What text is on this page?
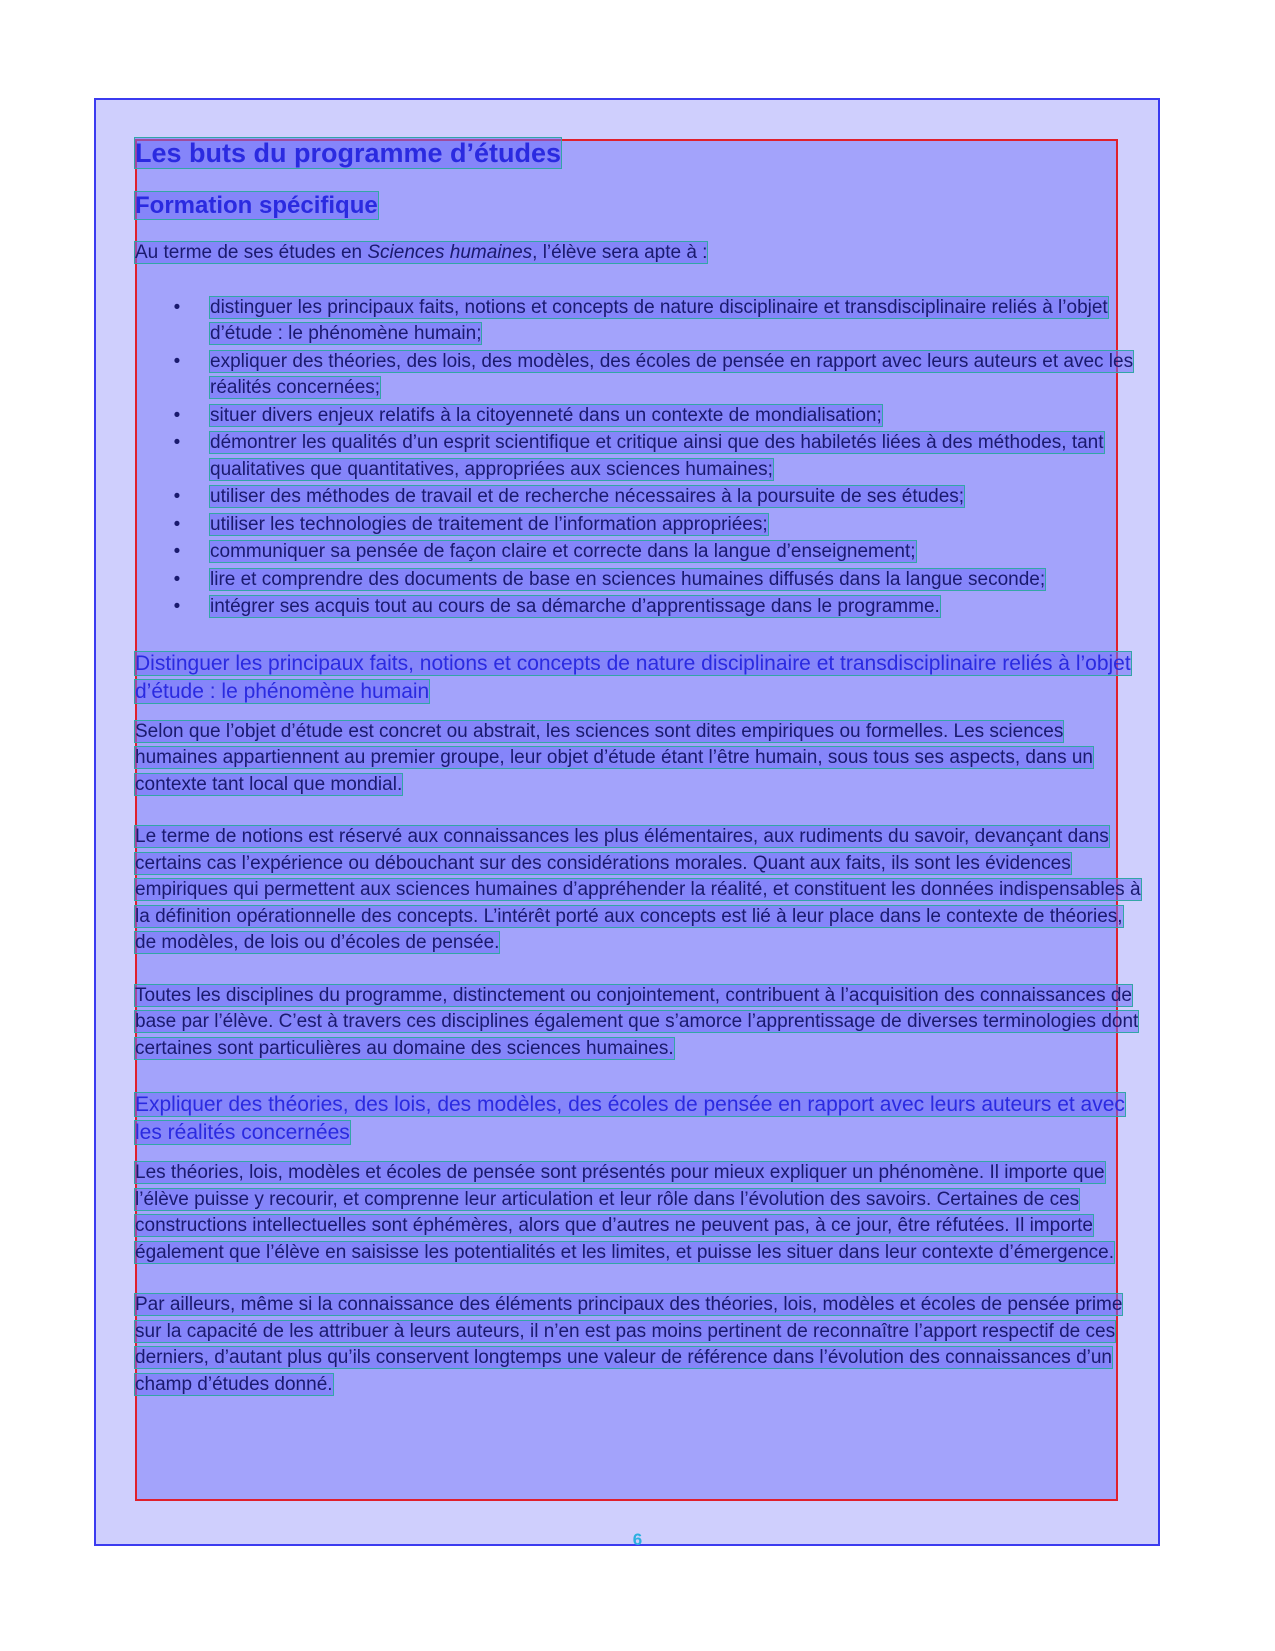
Les buts du programme d’études
Formation spécifique

Au terme de ses études en Sciences humaines, l’élève sera apte à :

• distinguer les principaux faits, notions et concepts de nature disciplinaire et transdisciplinaire reliés à l’objet d’étude : le phénomène humain;
• expliquer des théories, des lois, des modèles, des écoles de pensée en rapport avec leurs auteurs et avec les réalités concernées;
• situer divers enjeux relatifs à la citoyenneté dans un contexte de mondialisation;
• démontrer les qualités d’un esprit scientifique et critique ainsi que des habiletés liées à des méthodes, tant qualitatives que quantitatives, appropriées aux sciences humaines;
• utiliser des méthodes de travail et de recherche nécessaires à la poursuite de ses études;
• utiliser les technologies de traitement de l’information appropriées;
• communiquer sa pensée de façon claire et correcte dans la langue d’enseignement;
• lire et comprendre des documents de base en sciences humaines diffusés dans la langue seconde;
• intégrer ses acquis tout au cours de sa démarche d’apprentissage dans le programme.
Distinguer les principaux faits, notions et concepts de nature disciplinaire et transdisciplinaire reliés à l’objet d’étude : le phénomène humain

Selon que l’objet d’étude est concret ou abstrait, les sciences sont dites empiriques ou formelles. Les sciences humaines appartiennent au premier groupe, leur objet d’étude étant l’être humain, sous tous ses aspects, dans un contexte tant local que mondial.

Le terme de notions est réservé aux connaissances les plus élémentaires, aux rudiments du savoir, devançant dans certains cas l’expérience ou débouchant sur des considérations morales. Quant aux faits, ils sont les évidences empiriques qui permettent aux sciences humaines d’appréhender la réalité, et constituent les données indispensables à la définition opérationnelle des concepts. L’intérêt porté aux concepts est lié à leur place dans le contexte de théories, de modèles, de lois ou d’écoles de pensée.

Toutes les disciplines du programme, distinctement ou conjointement, contribuent à l’acquisition des connaissances de base par l’élève. C’est à travers ces disciplines également que s’amorce l’apprentissage de diverses terminologies dont certaines sont particulières au domaine des sciences humaines.

Expliquer des théories, des lois, des modèles, des écoles de pensée en rapport avec leurs auteurs et avec les réalités concernées

Les théories, lois, modèles et écoles de pensée sont présentés pour mieux expliquer un phénomène. Il importe que l’élève puisse y recourir, et comprenne leur articulation et leur rôle dans l’évolution des savoirs. Certaines de ces constructions intellectuelles sont éphémères, alors que d’autres ne peuvent pas, à ce jour, être réfutées. Il importe également que l’élève en saisisse les potentialités et les limites, et puisse les situer dans leur contexte d’émergence.

Par ailleurs, même si la connaissance des éléments principaux des théories, lois, modèles et écoles de pensée prime sur la capacité de les attribuer à leurs auteurs, il n’en est pas moins pertinent de reconnaître l’apport respectif de ces derniers, d’autant plus qu’ils conservent longtemps une valeur de référence dans l’évolution des connaissances d’un champ d’études donné.

6
